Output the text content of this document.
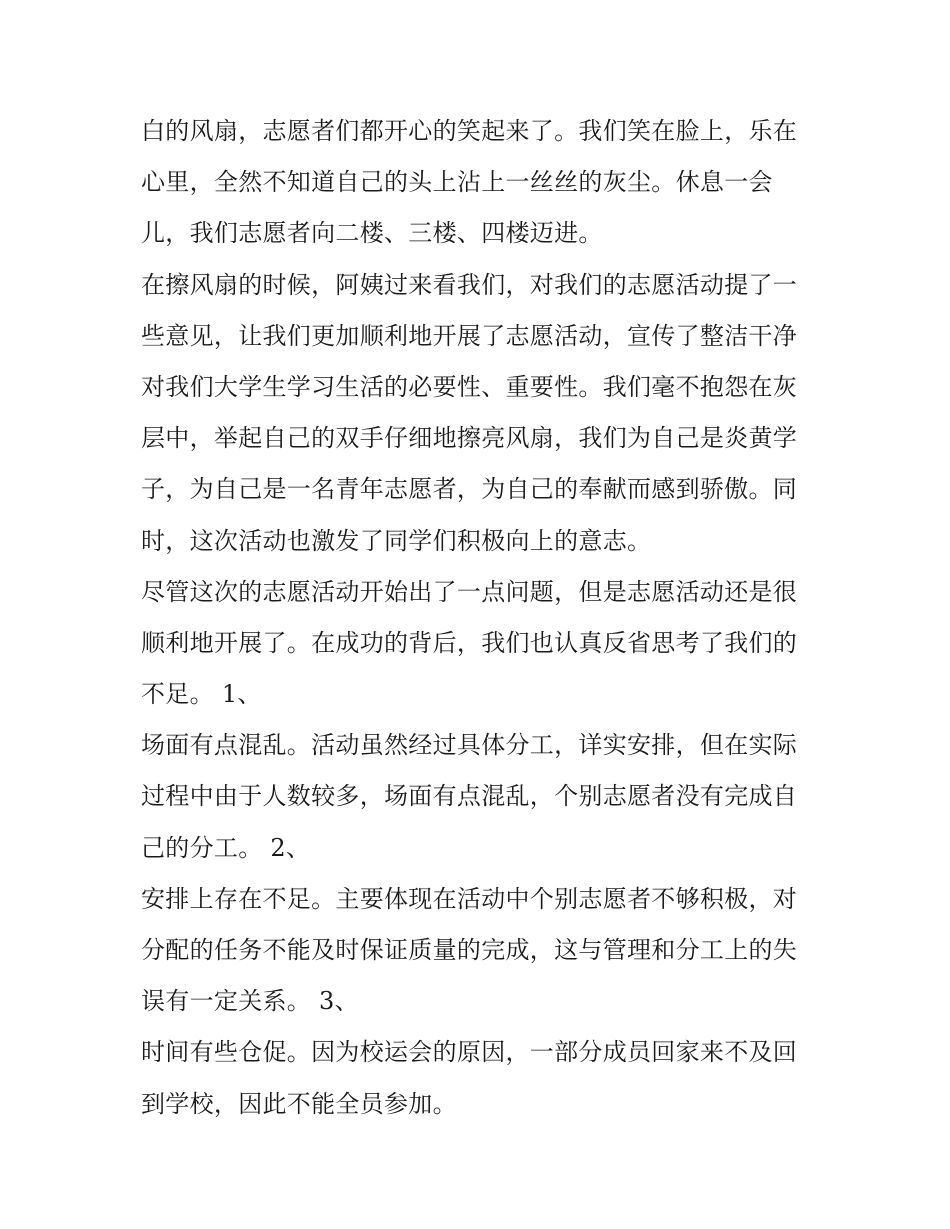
白的风扇，志愿者们都开心的笑起来了。我们笑在脸上，乐在
心里，全然不知道自己的头上沾上一丝丝的灰尘。休息一会
儿，我们志愿者向二楼、三楼、四楼迈进。
在擦风扇的时候，阿姨过来看我们，对我们的志愿活动提了一
些意见，让我们更加顺利地开展了志愿活动，宣传了整洁干净
对我们大学生学习生活的必要性、重要性。我们毫不抱怨在灰
层中，举起自己的双手仔细地擦亮风扇，我们为自己是炎黄学
子，为自己是一名青年志愿者，为自己的奉献而感到骄傲。同
时，这次活动也激发了同学们积极向上的意志。
尽管这次的志愿活动开始出了一点问题，但是志愿活动还是很
顺利地开展了。在成功的背后，我们也认真反省思考了我们的
不足。 1、
场面有点混乱。活动虽然经过具体分工，详实安排，但在实际
过程中由于人数较多，场面有点混乱，个别志愿者没有完成自
己的分工。 2、
安排上存在不足。主要体现在活动中个别志愿者不够积极，对
分配的任务不能及时保证质量的完成，这与管理和分工上的失
误有一定关系。 3、
时间有些仓促。因为校运会的原因，一部分成员回家来不及回
到学校，因此不能全员参加。
